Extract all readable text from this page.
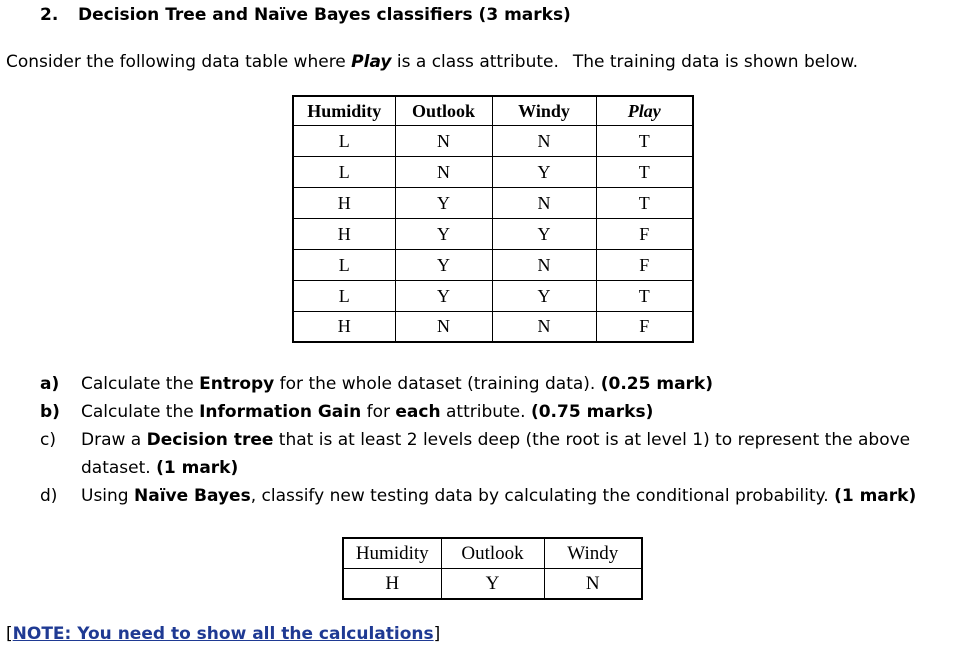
2. Decision Tree and Naïve Bayes classifiers (3 marks)
Consider the following data table where Play is a class attribute. The training data is shown below.
Humidity	Outlook	Windy	Play
L	N	N	T
L	N	Y	T
H	Y	N	T
H	Y	Y	F
L	Y	N	F
L	Y	Y	T
H	N	N	F
a) Calculate the Entropy for the whole dataset (training data). (0.25 mark)
b) Calculate the Information Gain for each attribute. (0.75 marks)
c) Draw a Decision tree that is at least 2 levels deep (the root is at level 1) to represent the above dataset. (1 mark)
d) Using Naïve Bayes, classify new testing data by calculating the conditional probability. (1 mark)
Humidity	Outlook	Windy
H	Y	N
[NOTE: You need to show all the calculations]
